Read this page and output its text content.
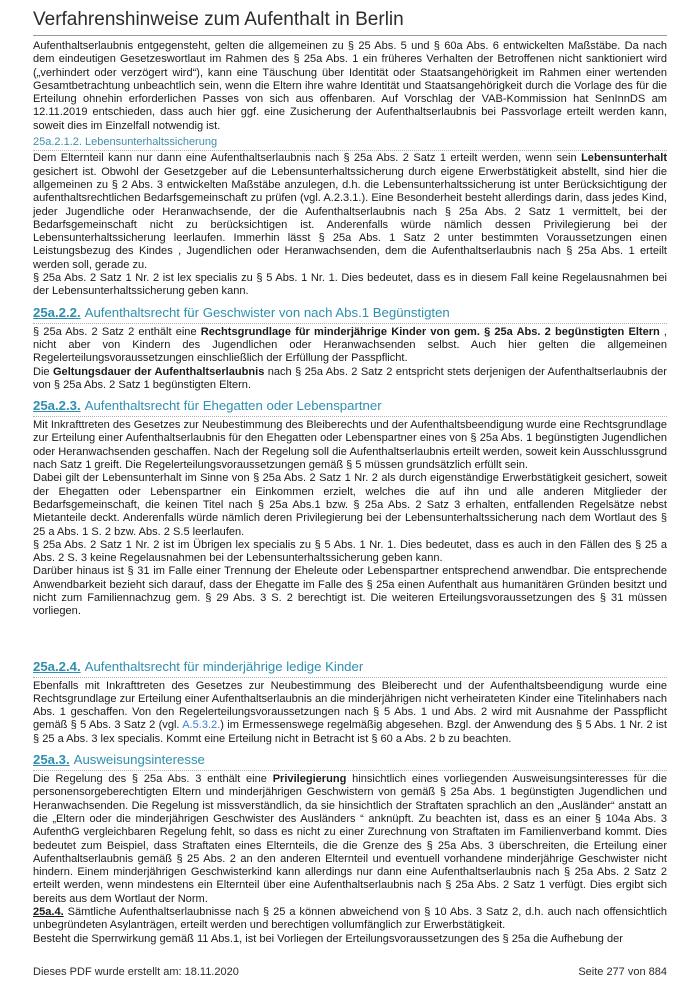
Verfahrenshinweise zum Aufenthalt in Berlin

Aufenthaltserlaubnis entgegensteht, gelten die allgemeinen zu § 25 Abs. 5 und § 60a Abs. 6 entwickelten Maßstäbe. Da nach dem eindeutigen Gesetzeswortlaut im Rahmen des § 25a Abs. 1 ein früheres Verhalten der Betroffenen nicht sanktioniert wird („verhindert oder verzögert wird“), kann eine Täuschung über Identität oder Staatsangehörigkeit im Rahmen einer wertenden Gesamtbetrachtung unbeachtlich sein, wenn die Eltern ihre wahre Identität und Staatsangehörigkeit durch die Vorlage des für die Erteilung ohnehin erforderlichen Passes von sich aus offenbaren. Auf Vorschlag der VAB-Kommission hat SenInnDS am 12.11.2019 entschieden, dass auch hier ggf. eine Zusicherung der Aufenthaltserlaubnis bei Passvorlage erteilt werden kann, soweit dies im Einzelfall notwendig ist.

25a.2.1.2. Lebensunterhaltssicherung

Dem Elternteil kann nur dann eine Aufenthaltserlaubnis nach § 25a Abs. 2 Satz 1 erteilt werden, wenn sein Lebensunterhalt gesichert ist. Obwohl der Gesetzgeber auf die Lebensunterhaltssicherung durch eigene Erwerbstätigkeit abstellt, sind hier die allgemeinen zu § 2 Abs. 3 entwickelten Maßstäbe anzulegen, d.h. die Lebensunterhaltssicherung ist unter Berücksichtigung der aufenthaltsrechtlichen Bedarfsgemeinschaft zu prüfen (vgl. A.2.3.1.). Eine Besonderheit besteht allerdings darin, dass jedes Kind, jeder Jugendliche oder Heranwachsende, der die Aufenthaltserlaubnis nach § 25a Abs. 2 Satz 1 vermittelt, bei der Bedarfsgemeinschaft nicht zu berücksichtigen ist. Anderenfalls würde nämlich dessen Privilegierung bei der Lebensunterhaltssicherung leerlaufen. Immerhin lässt § 25a Abs. 1 Satz 2 unter bestimmten Voraussetzungen einen Leistungsbezug des Kindes , Jugendlichen oder Heranwachsenden, dem die Aufenthaltserlaubnis nach § 25a Abs. 1 erteilt werden soll, gerade zu.

§ 25a Abs. 2 Satz 1 Nr. 2 ist lex specialis zu § 5 Abs. 1 Nr. 1. Dies bedeutet, dass es in diesem Fall keine Regelausnahmen bei der Lebensunterhaltssicherung geben kann.

25a.2.2. Aufenthaltsrecht für Geschwister von nach Abs.1 Begünstigten

§ 25a Abs. 2 Satz 2 enthält eine Rechtsgrundlage für minderjährige Kinder von gem. § 25a Abs. 2 begünstigten Eltern , nicht aber von Kindern des Jugendlichen oder Heranwachsenden selbst. Auch hier gelten die allgemeinen Regelerteilungsvoraussetzungen einschließlich der Erfüllung der Passpflicht.

Die Geltungsdauer der Aufenthaltserlaubnis nach § 25a Abs. 2 Satz 2 entspricht stets derjenigen der Aufenthaltserlaubnis der von § 25a Abs. 2 Satz 1 begünstigten Eltern.

25a.2.3. Aufenthaltsrecht für Ehegatten oder Lebenspartner

Mit Inkrafttreten des Gesetzes zur Neubestimmung des Bleiberechts und der Aufenthaltsbeendigung wurde eine Rechtsgrundlage zur Erteilung einer Aufenthaltserlaubnis für den Ehegatten oder Lebenspartner eines von § 25a Abs. 1 begünstigten Jugendlichen oder Heranwachsenden geschaffen. Nach der Regelung soll die Aufenthaltserlaubnis erteilt werden, soweit kein Ausschlussgrund nach Satz 1 greift. Die Regelerteilungsvoraussetzungen gemäß § 5 müssen grundsätzlich erfüllt sein.

Dabei gilt der Lebensunterhalt im Sinne von § 25a Abs. 2 Satz 1 Nr. 2 als durch eigenständige Erwerbstätigkeit gesichert, soweit der Ehegatten oder Lebenspartner ein Einkommen erzielt, welches die auf ihn und alle anderen Mitglieder der Bedarfsgemeinschaft, die keinen Titel nach § 25a Abs.1 bzw. § 25a Abs. 2 Satz 3 erhalten, entfallenden Regelsätze nebst Mietanteile deckt. Anderenfalls würde nämlich deren Privilegierung bei der Lebensunterhaltssicherung nach dem Wortlaut des § 25 a Abs. 1 S. 2 bzw. Abs. 2 S.5 leerlaufen.

§ 25a Abs. 2 Satz 1 Nr. 2 ist im Übrigen lex specialis zu § 5 Abs. 1 Nr. 1. Dies bedeutet, dass es auch in den Fällen des § 25 a Abs. 2 S. 3 keine Regelausnahmen bei der Lebensunterhaltssicherung geben kann.

Darüber hinaus ist § 31 im Falle einer Trennung der Eheleute oder Lebenspartner entsprechend anwendbar. Die entsprechende Anwendbarkeit bezieht sich darauf, dass der Ehegatte im Falle des § 25a einen Aufenthalt aus humanitären Gründen besitzt und nicht zum Familiennachzug gem. § 29 Abs. 3 S. 2 berechtigt ist. Die weiteren Erteilungsvoraussetzungen des § 31 müssen vorliegen.

25a.2.4. Aufenthaltsrecht für minderjährige ledige Kinder

Ebenfalls mit Inkrafttreten des Gesetzes zur Neubestimmung des Bleiberecht und der Aufenthaltsbeendigung wurde eine Rechtsgrundlage zur Erteilung einer Aufenthaltserlaubnis an die minderjährigen nicht verheirateten Kinder eine Titelinhabers nach Abs. 1 geschaffen. Von den Regelerteilungsvoraussetzungen nach § 5 Abs. 1 und Abs. 2 wird mit Ausnahme der Passpflicht gemäß § 5 Abs. 3 Satz 2 (vgl. A.5.3.2.) im Ermessenswege regelmäßig abgesehen. Bzgl. der Anwendung des § 5 Abs. 1 Nr. 2 ist § 25 a Abs. 3 lex specialis. Kommt eine Erteilung nicht in Betracht ist § 60 a Abs. 2 b zu beachten.

25a.3. Ausweisungsinteresse

Die Regelung des § 25a Abs. 3 enthält eine Privilegierung hinsichtlich eines vorliegenden Ausweisungsinteresses für die personensorgeberechtigten Eltern und minderjährigen Geschwistern von gemäß § 25a Abs. 1 begünstigten Jugendlichen und Heranwachsenden. Die Regelung ist missverständlich, da sie hinsichtlich der Straftaten sprachlich an den „Ausländer“ anstatt an die „Eltern oder die minderjährigen Geschwister des Ausländers “ anknüpft. Zu beachten ist, dass es an einer § 104a Abs. 3 AufenthG vergleichbaren Regelung fehlt, so dass es nicht zu einer Zurechnung von Straftaten im Familienverband kommt. Dies bedeutet zum Beispiel, dass Straftaten eines Elternteils, die die Grenze des § 25a Abs. 3 überschreiten, die Erteilung einer Aufenthaltserlaubnis gemäß § 25 Abs. 2 an den anderen Elternteil und eventuell vorhandene minderjährige Geschwister nicht hindern. Einem minderjährigen Geschwisterkind kann allerdings nur dann eine Aufenthaltserlaubnis nach § 25a Abs. 2 Satz 2 erteilt werden, wenn mindestens ein Elternteil über eine Aufenthaltserlaubnis nach § 25a Abs. 2 Satz 1 verfügt. Dies ergibt sich bereits aus dem Wortlaut der Norm.

25a.4. Sämtliche Aufenthaltserlaubnisse nach § 25 a können abweichend von § 10 Abs. 3 Satz 2, d.h. auch nach offensichtlich unbegründeten Asylanträgen, erteilt werden und berechtigen vollumfänglich zur Erwerbstätigkeit.

Besteht die Sperrwirkung gemäß 11 Abs.1, ist bei Vorliegen der Erteilungsvoraussetzungen des § 25a die Aufhebung der

Dieses PDF wurde erstellt am: 18.11.2020	Seite 277 von 884
